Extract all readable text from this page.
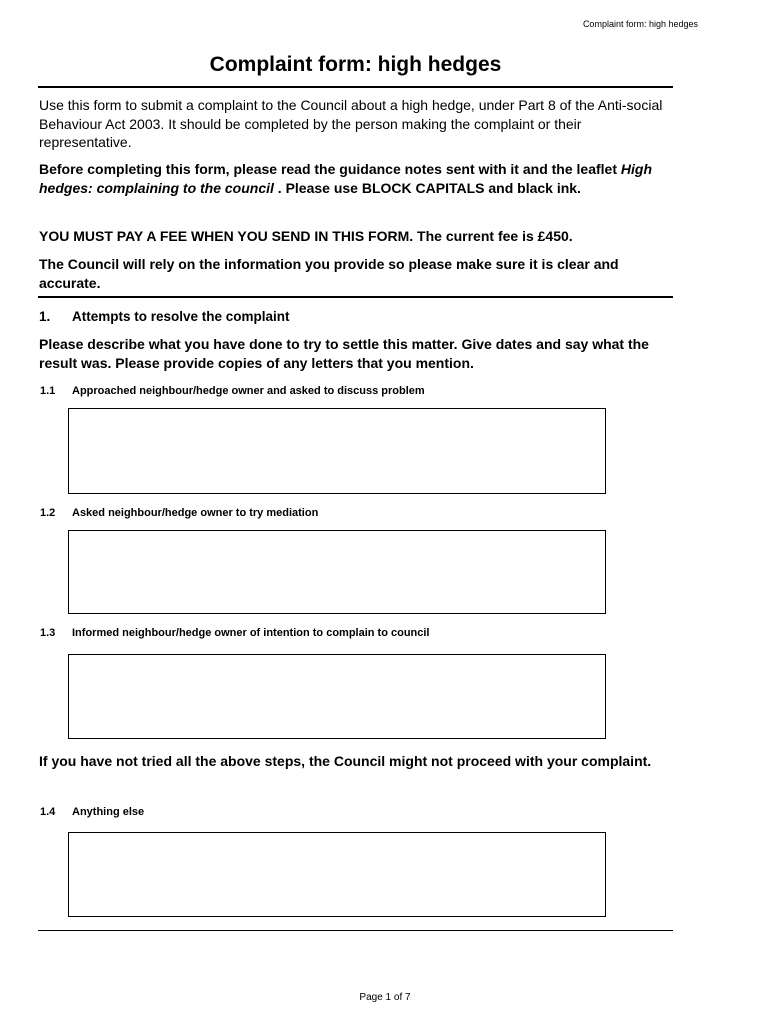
Complaint form: high hedges
Complaint form: high hedges
Use this form to submit a complaint to the Council about a high hedge, under Part 8 of the Anti-social Behaviour Act 2003. It should be completed by the person making the complaint or their representative.
Before completing this form, please read the guidance notes sent with it and the leaflet High hedges: complaining to the council . Please use BLOCK CAPITALS and black ink.
YOU MUST PAY A FEE WHEN YOU SEND IN THIS FORM. The current fee is £450.
The Council will rely on the information you provide so please make sure it is clear and accurate.
1. Attempts to resolve the complaint
Please describe what you have done to try to settle this matter. Give dates and say what the result was. Please provide copies of any letters that you mention.
1.1 Approached neighbour/hedge owner and asked to discuss problem
1.2 Asked neighbour/hedge owner to try mediation
1.3 Informed neighbour/hedge owner of intention to complain to council
If you have not tried all the above steps, the Council might not proceed with your complaint.
1.4 Anything else
Page 1 of 7
